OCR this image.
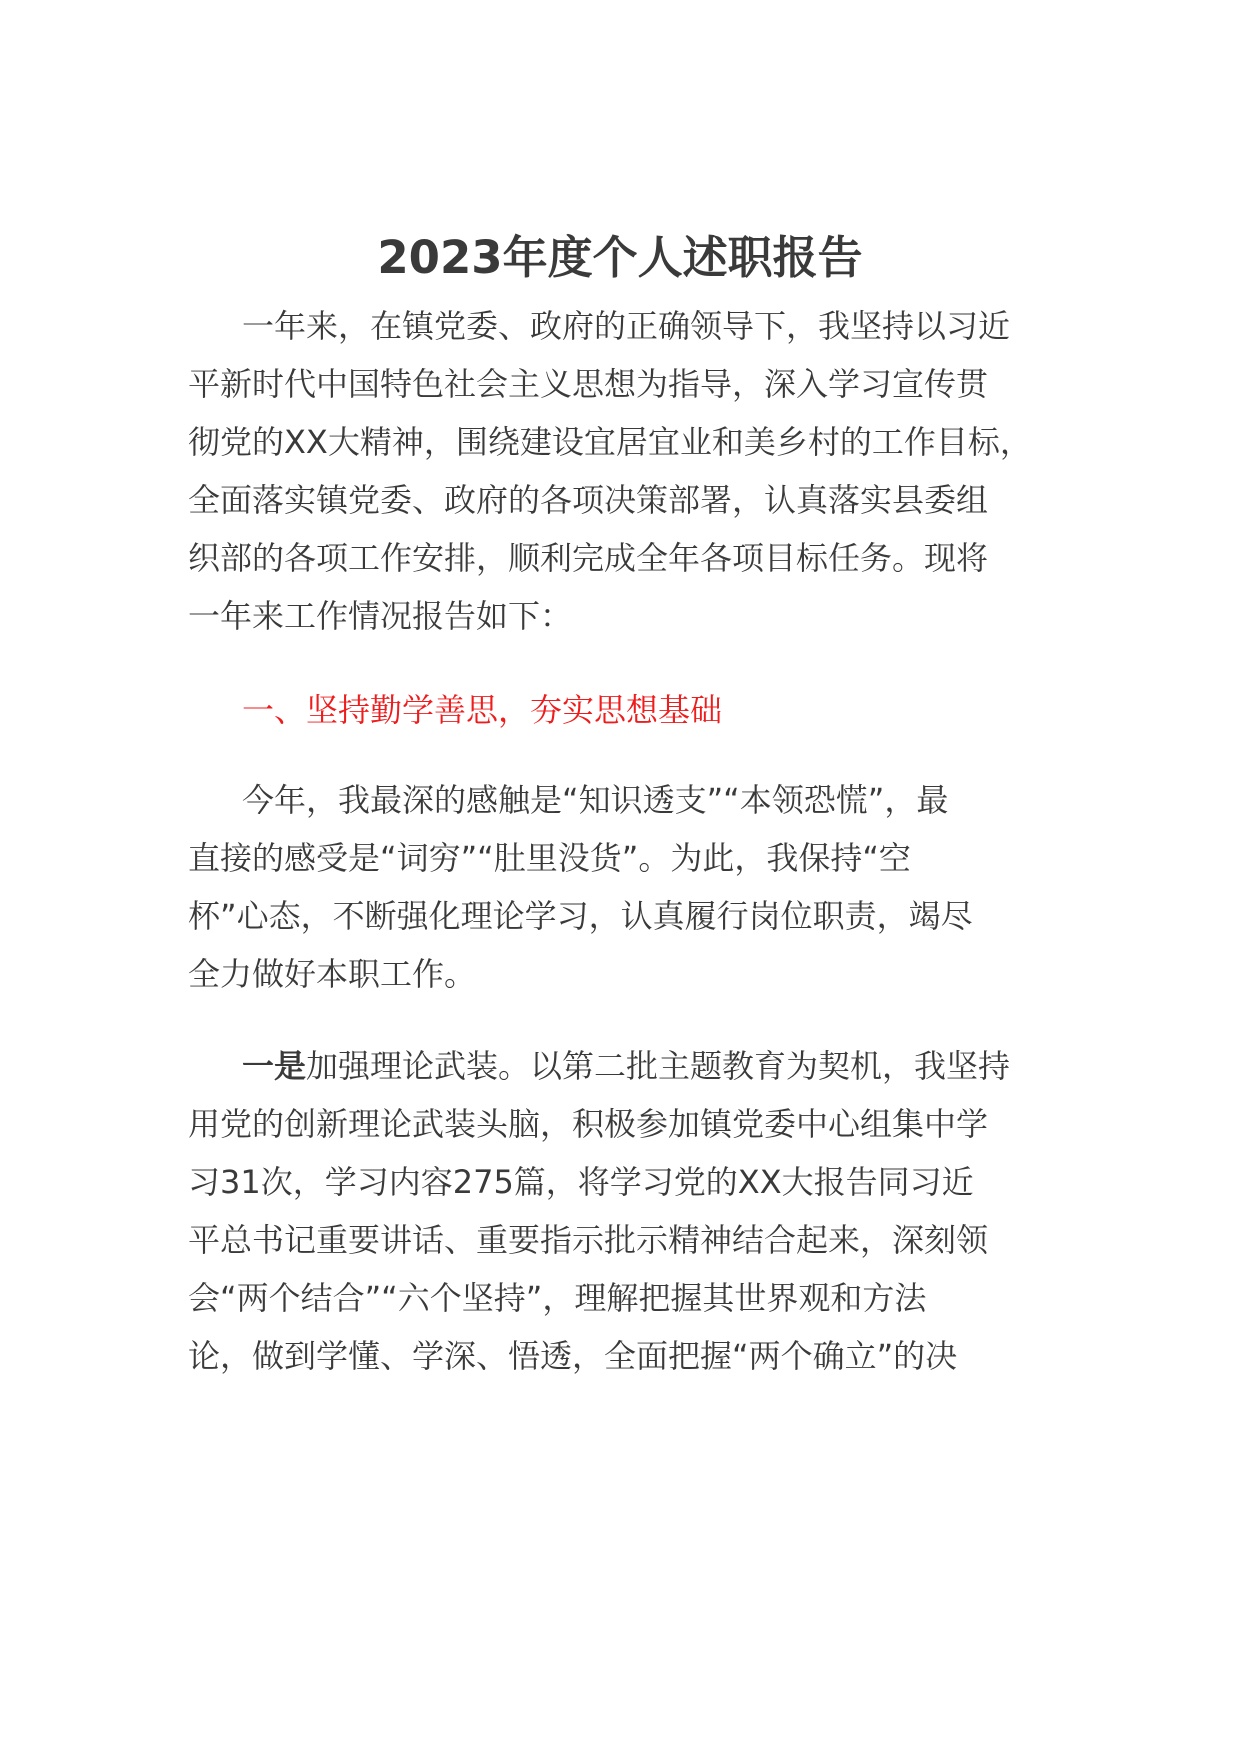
2023年度个人述职报告
一年来，在镇党委、政府的正确领导下，我坚持以习近
平新时代中国特色社会主义思想为指导，深入学习宣传贯
彻党的XX大精神，围绕建设宜居宜业和美乡村的工作目标，
全面落实镇党委、政府的各项决策部署，认真落实县委组
织部的各项工作安排，顺利完成全年各项目标任务。现将
一年来工作情况报告如下：
一、坚持勤学善思，夯实思想基础
今年，我最深的感触是“知识透支”“本领恐慌”，最
直接的感受是“词穷”“肚里没货”。为此，我保持“空
杯”心态，不断强化理论学习，认真履行岗位职责，竭尽
全力做好本职工作。
一是加强理论武装。以第二批主题教育为契机，我坚持
用党的创新理论武装头脑，积极参加镇党委中心组集中学
习31次，学习内容275篇，将学习党的XX大报告同习近
平总书记重要讲话、重要指示批示精神结合起来，深刻领
会“两个结合”“六个坚持”，理解把握其世界观和方法
论，做到学懂、学深、悟透，全面把握“两个确立”的决
